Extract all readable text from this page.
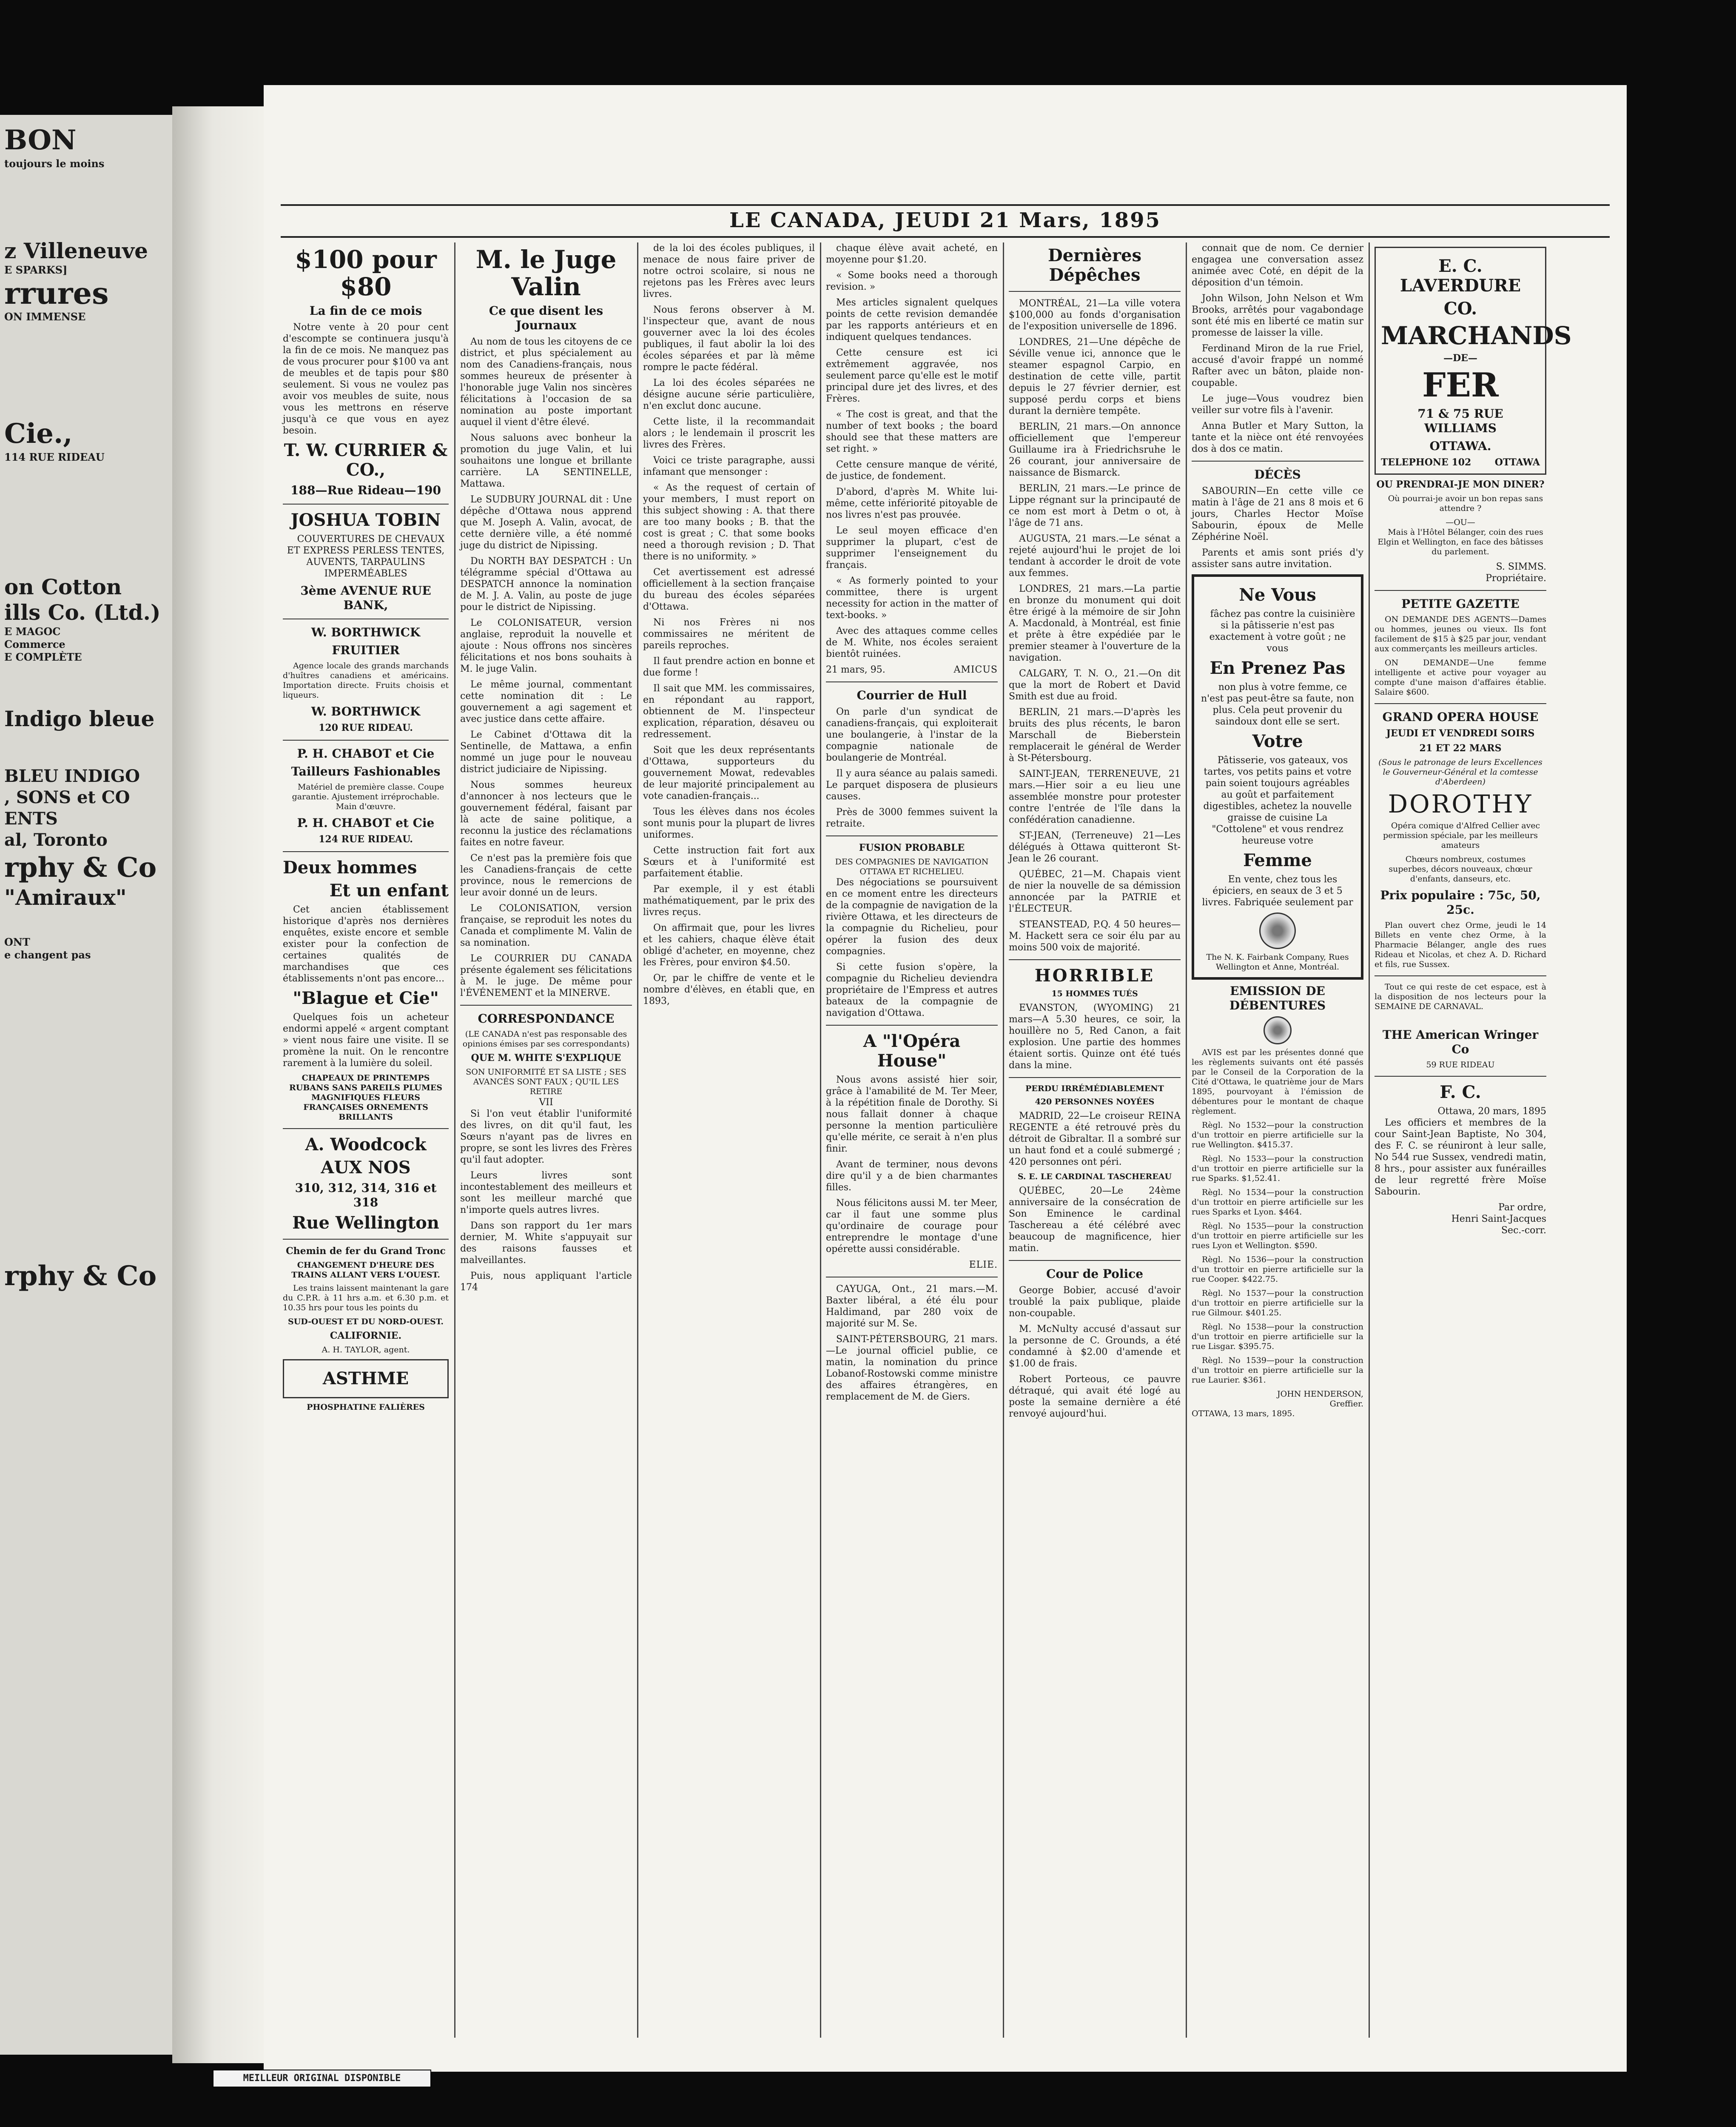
BON
toujours le moins
z Villeneuve
E SPARKS]
rrures
ON IMMENSE
Cie.,
114 RUE RIDEAU
on Cotton
ills Co. (Ltd.)
E MAGOC
Commerce
E COMPLÈTE
Indigo bleue
BLEU INDIGO
, SONS et CO
ENTS
al, Toronto
rphy & Co
"Amiraux"
ONT
e changent pas
rphy & Co
LE CANADA, JEUDI 21 Mars, 1895
$100 pour $80
La fin de ce mois
Notre vente à 20 pour cent d'escompte se continuera jusqu'à la fin de ce mois. Ne manquez pas de vous procurer pour $100 va ant de meubles et de tapis pour $80 seulement. Si vous ne voulez pas avoir vos meubles de suite, nous vous les mettrons en réserve jusqu'à ce que vous en ayez besoin.
T. W. CURRIER & CO.,
188—Rue Rideau—190
JOSHUA TOBIN
COUVERTURES DE CHEVAUX ET EXPRESS PERLESS TENTES, AUVENTS, TARPAULINS IMPERMÉABLES
3ème AVENUE RUE BANK,
W. BORTHWICK
FRUITIER
Agence locale des grands marchands d'huîtres canadiens et américains. Importation directe. Fruits choisis et liqueurs.
W. BORTHWICK
120 RUE RIDEAU.
P. H. CHABOT et Cie
Tailleurs Fashionables
Matériel de première classe. Coupe garantie. Ajustement irréprochable. Main d'œuvre.
P. H. CHABOT et Cie
124 RUE RIDEAU.
Deux hommes
Et un enfant
Cet ancien établissement historique d'après nos dernières enquêtes, existe encore et semble exister pour la confection de certaines qualités de marchandises que ces établissements n'ont pas encore...
"Blague et Cie"
Quelques fois un acheteur endormi appelé « argent comptant » vient nous faire une visite. Il se promène la nuit. On le rencontre rarement à la lumière du soleil.
CHAPEAUX DE PRINTEMPS RUBANS SANS PAREILS PLUMES MAGNIFIQUES FLEURS FRANÇAISES ORNEMENTS BRILLANTS
A. Woodcock
AUX NOS
310, 312, 314, 316 et 318
Rue Wellington
Chemin de fer du Grand Tronc
CHANGEMENT D'HEURE DES TRAINS ALLANT VERS L'OUEST.
Les trains laissent maintenant la gare du C.P.R. à 11 hrs a.m. et 6.30 p.m. et 10.35 hrs pour tous les points du
SUD-OUEST ET DU NORD-OUEST.
CALIFORNIE.
A. H. TAYLOR, agent.
ASTHME
PHOSPHATINE FALIÈRES
M. le Juge Valin
Ce que disent les Journaux
Au nom de tous les citoyens de ce district, et plus spécialement au nom des Canadiens-français, nous sommes heureux de présenter à l'honorable juge Valin nos sincères félicitations à l'occasion de sa nomination au poste important auquel il vient d'être élevé.
Nous saluons avec bonheur la promotion du juge Valin, et lui souhaitons une longue et brillante carrière. LA SENTINELLE, Mattawa.
Le SUDBURY JOURNAL dit : Une dépêche d'Ottawa nous apprend que M. Joseph A. Valin, avocat, de cette dernière ville, a été nommé juge du district de Nipissing.
Du NORTH BAY DESPATCH : Un télégramme spécial d'Ottawa au DESPATCH annonce la nomination de M. J. A. Valin, au poste de juge pour le district de Nipissing.
Le COLONISATEUR, version anglaise, reproduit la nouvelle et ajoute : Nous offrons nos sincères félicitations et nos bons souhaits à M. le juge Valin.
Le même journal, commentant cette nomination dit : Le gouvernement a agi sagement et avec justice dans cette affaire.
Le Cabinet d'Ottawa dit la Sentinelle, de Mattawa, a enfin nommé un juge pour le nouveau district judiciaire de Nipissing.
Nous sommes heureux d'annoncer à nos lecteurs que le gouvernement fédéral, faisant par là acte de saine politique, a reconnu la justice des réclamations faites en notre faveur.
Ce n'est pas la première fois que les Canadiens-français de cette province, nous le remercions de leur avoir donné un de leurs.
Le COLONISATION, version française, se reproduit les notes du Canada et complimente M. Valin de sa nomination.
Le COURRIER DU CANADA présente également ses félicitations à M. le juge. De même pour l'ÉVÉNEMENT et la MINERVE.
CORRESPONDANCE
(LE CANADA n'est pas responsable des opinions émises par ses correspondants)
QUE M. WHITE S'EXPLIQUE
SON UNIFORMITÉ ET SA LISTE ; SES AVANCÉS SONT FAUX ; QU'IL LES RETIRE
VII
Si l'on veut établir l'uniformité des livres, on dit qu'il faut, les Sœurs n'ayant pas de livres en propre, se sont les livres des Frères qu'il faut adopter.
Leurs livres sont incontestablement des meilleurs et sont les meilleur marché que n'importe quels autres livres.
Dans son rapport du 1er mars dernier, M. White s'appuyait sur des raisons fausses et malveillantes.
Puis, nous appliquant l'article 174
de la loi des écoles publiques, il menace de nous faire priver de notre octroi scolaire, si nous ne rejetons pas les Frères avec leurs livres.
Nous ferons observer à M. l'inspecteur que, avant de nous gouverner avec la loi des écoles publiques, il faut abolir la loi des écoles séparées et par là même rompre le pacte fédéral.
La loi des écoles séparées ne désigne aucune série particulière, n'en exclut donc aucune.
Cette liste, il la recommandait alors ; le lendemain il proscrit les livres des Frères.
Voici ce triste paragraphe, aussi infamant que mensonger :
« As the request of certain of your members, I must report on this subject showing : A. that there are too many books ; B. that the cost is great ; C. that some books need a thorough revision ; D. That there is no uniformity. »
Cet avertissement est adressé officiellement à la section française du bureau des écoles séparées d'Ottawa.
Ni nos Frères ni nos commissaires ne méritent de pareils reproches.
Il faut prendre action en bonne et due forme !
Il sait que MM. les commissaires, en répondant au rapport, obtiennent de M. l'inspecteur explication, réparation, désaveu ou redressement.
Soit que les deux représentants d'Ottawa, supporteurs du gouvernement Mowat, redevables de leur majorité principalement au vote canadien-français...
Tous les élèves dans nos écoles sont munis pour la plupart de livres uniformes.
Cette instruction fait fort aux Sœurs et à l'uniformité est parfaitement établie.
Par exemple, il y est établi mathématiquement, par le prix des livres reçus.
On affirmait que, pour les livres et les cahiers, chaque élève était obligé d'acheter, en moyenne, chez les Frères, pour environ $4.50.
Or, par le chiffre de vente et le nombre d'élèves, en établi que, en 1893,
chaque élève avait acheté, en moyenne pour $1.20.
« Some books need a thorough revision. »
Mes articles signalent quelques points de cette revision demandée par les rapports antérieurs et en indiquent quelques tendances.
Cette censure est ici extrêmement aggravée, nos seulement parce qu'elle est le motif principal dure jet des livres, et des Frères.
« The cost is great, and that the number of text books ; the board should see that these matters are set right. »
Cette censure manque de vérité, de justice, de fondement.
D'abord, d'après M. White lui-même, cette infériorité pitoyable de nos livres n'est pas prouvée.
Le seul moyen efficace d'en supprimer la plupart, c'est de supprimer l'enseignement du français.
« As formerly pointed to your committee, there is urgent necessity for action in the matter of text-books. »
Avec des attaques comme celles de M. White, nos écoles seraient bientôt ruinées.
21 mars, 95.	AMICUS
Courrier de Hull
On parle d'un syndicat de canadiens-français, qui exploiterait une boulangerie, à l'instar de la compagnie nationale de boulangerie de Montréal.
Il y aura séance au palais samedi. Le parquet disposera de plusieurs causes.
Près de 3000 femmes suivent la retraite.
FUSION PROBABLE
DES COMPAGNIES DE NAVIGATION OTTAWA ET RICHELIEU.
Des négociations se poursuivent en ce moment entre les directeurs de la compagnie de navigation de la rivière Ottawa, et les directeurs de la compagnie du Richelieu, pour opérer la fusion des deux compagnies.
Si cette fusion s'opère, la compagnie du Richelieu deviendra propriétaire de l'Empress et autres bateaux de la compagnie de navigation d'Ottawa.
A "l'Opéra House"
Nous avons assisté hier soir, grâce à l'amabilité de M. Ter Meer, à la répétition finale de Dorothy. Si nous fallait donner à chaque personne la mention particulière qu'elle mérite, ce serait à n'en plus finir.
Avant de terminer, nous devons dire qu'il y a de bien charmantes filles.
Nous félicitons aussi M. ter Meer, car il faut une somme plus qu'ordinaire de courage pour entreprendre le montage d'une opérette aussi considérable.
ELIE.
CAYUGA, Ont., 21 mars.—M. Baxter libéral, a été élu pour Haldimand, par 280 voix de majorité sur M. Se.
SAINT-PÉTERSBOURG, 21 mars.—Le journal officiel publie, ce matin, la nomination du prince Lobanof-Rostowski comme ministre des affaires étrangères, en remplacement de M. de Giers.
Dernières Dépêches
MONTRÉAL, 21—La ville votera $100,000 au fonds d'organisation de l'exposition universelle de 1896.
LONDRES, 21—Une dépêche de Séville venue ici, annonce que le steamer espagnol Carpio, en destination de cette ville, partit depuis le 27 février dernier, est supposé perdu corps et biens durant la dernière tempête.
BERLIN, 21 mars.—On annonce officiellement que l'empereur Guillaume ira à Friedrichsruhe le 26 courant, jour anniversaire de naissance de Bismarck.
BERLIN, 21 mars.—Le prince de Lippe régnant sur la principauté de ce nom est mort à Detm o ot, à l'âge de 71 ans.
AUGUSTA, 21 mars.—Le sénat a rejeté aujourd'hui le projet de loi tendant à accorder le droit de vote aux femmes.
LONDRES, 21 mars.—La partie en bronze du monument qui doit être érigé à la mémoire de sir John A. Macdonald, à Montréal, est finie et prête à être expédiée par le premier steamer à l'ouverture de la navigation.
CALGARY, T. N. O., 21.—On dit que la mort de Robert et David Smith est due au froid.
BERLIN, 21 mars.—D'après les bruits des plus récents, le baron Marschall de Bieberstein remplacerait le général de Werder à St-Pétersbourg.
SAINT-JEAN, TERRENEUVE, 21 mars.—Hier soir a eu lieu une assemblée monstre pour protester contre l'entrée de l'île dans la confédération canadienne.
ST-JEAN, (Terreneuve) 21—Les délégués à Ottawa quitteront St-Jean le 26 courant.
QUÉBEC, 21—M. Chapais vient de nier la nouvelle de sa démission annoncée par la PATRIE et l'ÉLECTEUR.
STEANSTEAD, P.Q. 4 50 heures—M. Hackett sera ce soir élu par au moins 500 voix de majorité.
HORRIBLE
15 HOMMES TUÉS
EVANSTON, (WYOMING) 21 mars—A 5.30 heures, ce soir, la houillère no 5, Red Canon, a fait explosion. Une partie des hommes étaient sortis. Quinze ont été tués dans la mine.
PERDU IRRÉMÉDIABLEMENT
420 PERSONNES NOYÉES
MADRID, 22—Le croiseur REINA REGENTE a été retrouvé près du détroit de Gibraltar. Il a sombré sur un haut fond et a coulé submergé ; 420 personnes ont péri.
S. E. LE CARDINAL TASCHEREAU
QUÉBEC, 20—Le 24ème anniversaire de la consécration de Son Eminence le cardinal Taschereau a été célébré avec beaucoup de magnificence, hier matin.
Cour de Police
George Bobier, accusé d'avoir troublé la paix publique, plaide non-coupable.
M. McNulty accusé d'assaut sur la personne de C. Grounds, a été condamné à $2.00 d'amende et $1.00 de frais.
Robert Porteous, ce pauvre détraqué, qui avait été logé au poste la semaine dernière a été renvoyé aujourd'hui.
connait que de nom. Ce dernier engagea une conversation assez animée avec Coté, en dépit de la déposition d'un témoin.
John Wilson, John Nelson et Wm Brooks, arrêtés pour vagabondage sont été mis en liberté ce matin sur promesse de laisser la ville.
Ferdinand Miron de la rue Friel, accusé d'avoir frappé un nommé Rafter avec un bâton, plaide non-coupable.
Le juge—Vous voudrez bien veiller sur votre fils à l'avenir.
Anna Butler et Mary Sutton, la tante et la nièce ont été renvoyées dos à dos ce matin.
DÉCÈS
SABOURIN—En cette ville ce matin à l'âge de 21 ans 8 mois et 6 jours, Charles Hector Moïse Sabourin, époux de Melle Zéphérine Noël.
Parents et amis sont priés d'y assister sans autre invitation.
Ne Vous
fâchez pas contre la cuisinière si la pâtisserie n'est pas exactement à votre goût ; ne vous
En Prenez Pas
non plus à votre femme, ce n'est pas peut-être sa faute, non plus. Cela peut provenir du saindoux dont elle se sert.
Votre
Pâtisserie, vos gateaux, vos tartes, vos petits pains et votre pain soient toujours agréables au goût et parfaitement digestibles, achetez la nouvelle graisse de cuisine La "Cottolene" et vous rendrez heureuse votre
Femme
En vente, chez tous les épiciers, en seaux de 3 et 5 livres. Fabriquée seulement par
The N. K. Fairbank Company, Rues Wellington et Anne, Montréal.
EMISSION DE DÉBENTURES
AVIS est par les présentes donné que les règlements suivants ont été passés par le Conseil de la Corporation de la Cité d'Ottawa, le quatrième jour de Mars 1895, pourvoyant à l'émission de débentures pour le montant de chaque règlement.
Règl. No 1532—pour la construction d'un trottoir en pierre artificielle sur la rue Wellington. $415.37.
Règl. No 1533—pour la construction d'un trottoir en pierre artificielle sur la rue Sparks. $1,52.41.
Règl. No 1534—pour la construction d'un trottoir en pierre artificielle sur les rues Sparks et Lyon. $464.
Règl. No 1535—pour la construction d'un trottoir en pierre artificielle sur les rues Lyon et Wellington. $590.
Règl. No 1536—pour la construction d'un trottoir en pierre artificielle sur la rue Cooper. $422.75.
Règl. No 1537—pour la construction d'un trottoir en pierre artificielle sur la rue Gilmour. $401.25.
Règl. No 1538—pour la construction d'un trottoir en pierre artificielle sur la rue Lisgar. $395.75.
Règl. No 1539—pour la construction d'un trottoir en pierre artificielle sur la rue Laurier. $361.
JOHN HENDERSON,
Greffier.
OTTAWA, 13 mars, 1895.
E. C. LAVERDURE
CO.
MARCHANDS
—DE—
FER
71 & 75 RUE WILLIAMS
OTTAWA.
TELEPHONE 102	OTTAWA
OU PRENDRAI-JE MON DINER?
Où pourrai-je avoir un bon repas sans attendre ?
—OU—
Mais à l'Hôtel Bélanger, coin des rues Elgin et Wellington, en face des bâtisses du parlement.
S. SIMMS.
Propriétaire.
PETITE GAZETTE
ON DEMANDE DES AGENTS—Dames ou hommes, jeunes ou vieux. Ils font facilement de $15 à $25 par jour, vendant aux commerçants les meilleurs articles.
ON DEMANDE—Une femme intelligente et active pour voyager au compte d'une maison d'affaires établie. Salaire $600.
GRAND OPERA HOUSE
JEUDI ET VENDREDI SOIRS
21 ET 22 MARS
(Sous le patronage de leurs Excellences le Gouverneur-Général et la comtesse d'Aberdeen)
DOROTHY
Opéra comique d'Alfred Cellier avec permission spéciale, par les meilleurs amateurs
Chœurs nombreux, costumes superbes, décors nouveaux, chœur d'enfants, danseurs, etc.
Prix populaire : 75c, 50, 25c.
Plan ouvert chez Orme, jeudi le 14 Billets en vente chez Orme, à la Pharmacie Bélanger, angle des rues Rideau et Nicolas, et chez A. D. Richard et fils, rue Sussex.
Tout ce qui reste de cet espace, est à la disposition de nos lecteurs pour la SEMAINE DE CARNAVAL.
THE American Wringer Co
59 RUE RIDEAU
F. C.
Ottawa, 20 mars, 1895
Les officiers et membres de la cour Saint-Jean Baptiste, No 304, des F. C. se réuniront à leur salle, No 544 rue Sussex, vendredi matin, 8 hrs., pour assister aux funérailles de leur regretté frère Moïse Sabourin.
Par ordre,
Henri Saint-Jacques
Sec.-corr.
MEILLEUR ORIGINAL DISPONIBLE
